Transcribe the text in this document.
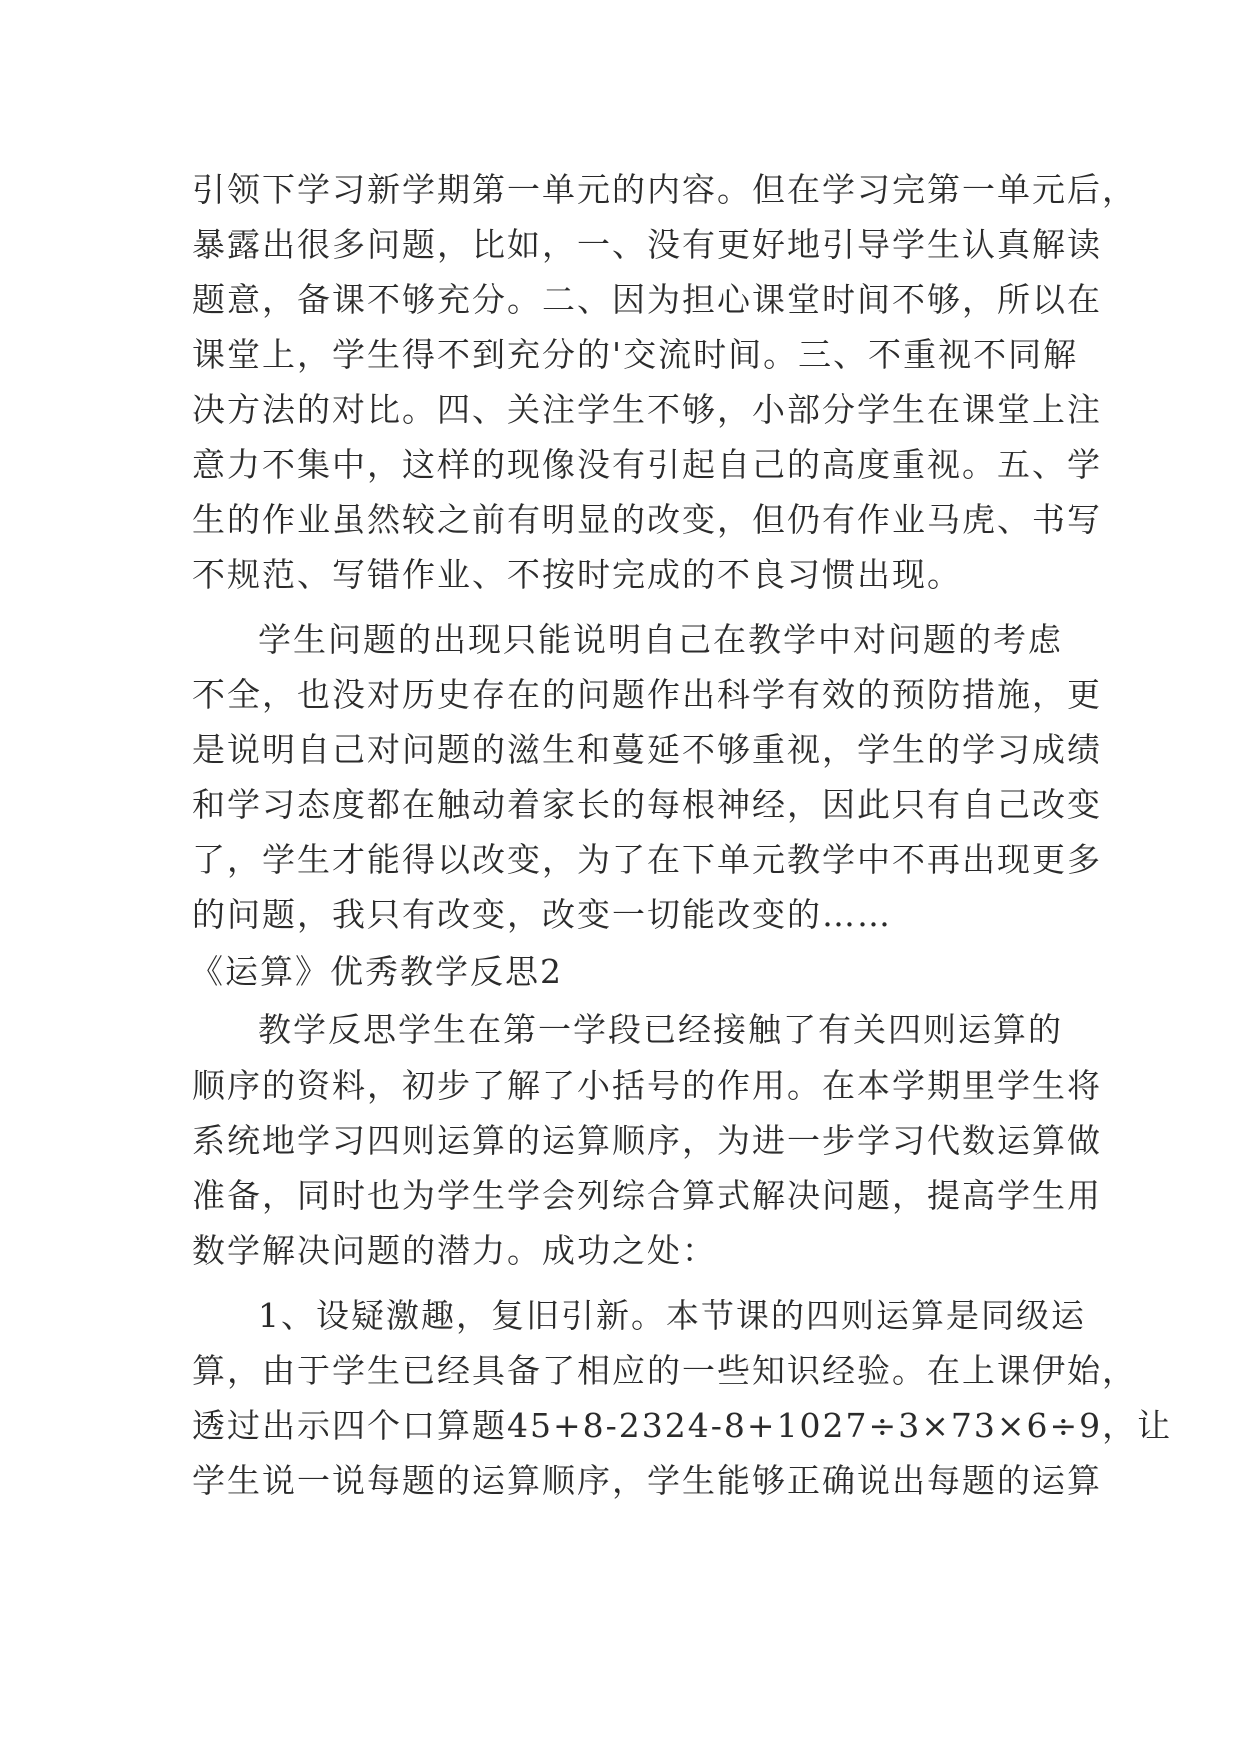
引领下学习新学期第一单元的内容。但在学习完第一单元后，
暴露出很多问题，比如，一、没有更好地引导学生认真解读
题意，备课不够充分。二、因为担心课堂时间不够，所以在
课堂上，学生得不到充分的'交流时间。三、不重视不同解
决方法的对比。四、关注学生不够，小部分学生在课堂上注
意力不集中，这样的现像没有引起自己的高度重视。五、学
生的作业虽然较之前有明显的改变，但仍有作业马虎、书写
不规范、写错作业、不按时完成的不良习惯出现。
学生问题的出现只能说明自己在教学中对问题的考虑
不全，也没对历史存在的问题作出科学有效的预防措施，更
是说明自己对问题的滋生和蔓延不够重视，学生的学习成绩
和学习态度都在触动着家长的每根神经，因此只有自己改变
了，学生才能得以改变，为了在下单元教学中不再出现更多
的问题，我只有改变，改变一切能改变的……
《运算》优秀教学反思2
教学反思学生在第一学段已经接触了有关四则运算的
顺序的资料，初步了解了小括号的作用。在本学期里学生将
系统地学习四则运算的运算顺序，为进一步学习代数运算做
准备，同时也为学生学会列综合算式解决问题，提高学生用
数学解决问题的潜力。成功之处：
1、设疑激趣，复旧引新。本节课的四则运算是同级运
算，由于学生已经具备了相应的一些知识经验。在上课伊始，
透过出示四个口算题45+8-2324-8+1027÷3×73×6÷9，让
学生说一说每题的运算顺序，学生能够正确说出每题的运算
